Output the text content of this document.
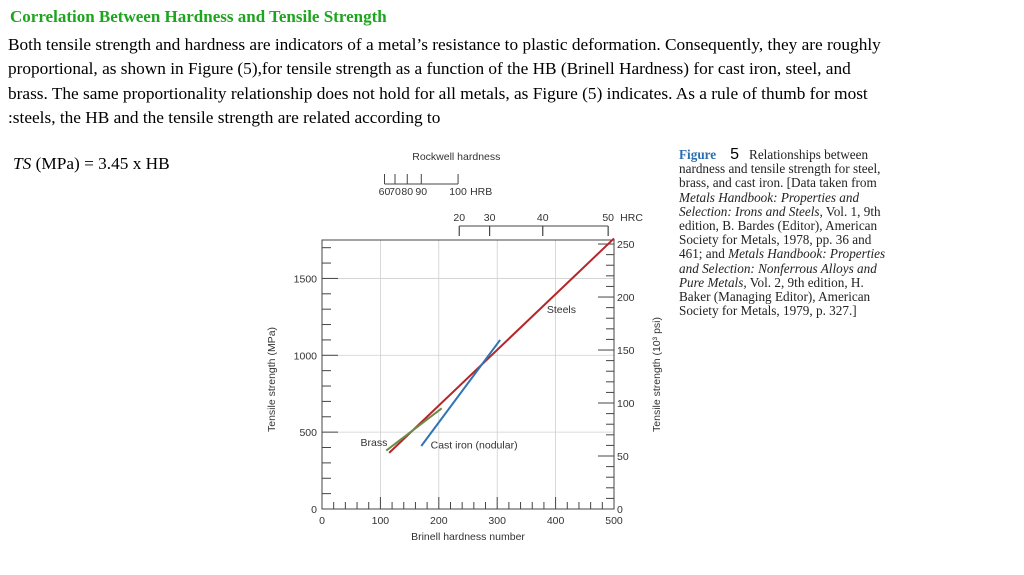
Correlation Between Hardness and Tensile Strength
Both tensile strength and hardness are indicators of a metal’s resistance to plastic deformation. Consequently, they are roughly
proportional, as shown in Figure (5),for tensile strength as a function of the HB (Brinell Hardness) for cast iron, steel, and
brass. The same proportionality relationship does not hold for all metals, as Figure (5) indicates. As a rule of thumb for most
:steels, the HB and the tensile strength are related according to
TS (MPa) = 3.45 x HB
0
500
1000
1500
0	100	200	300	400	500
0
50
100
150
200
250
Brinell hardness number
Tensile strength (MPa)	Tensile strength (10³ psi)
Rockwell hardness
60
70 80 90 100 HRB
20 30	40	50 HRC
Steels
Brass	Cast iron (nodular)
Figure 5 Relationships between nardness and tensile strength for steel, brass, and cast iron. [Data taken from Metals Handbook: Properties and Selection: Irons and Steels, Vol. 1, 9th edition, B. Bardes (Editor), American Society for Metals, 1978, pp. 36 and 461; and Metals Handbook: Properties and Selection: Nonferrous Alloys and Pure Metals, Vol. 2, 9th edition, H. Baker (Managing Editor), American Society for Metals, 1979, p. 327.]
